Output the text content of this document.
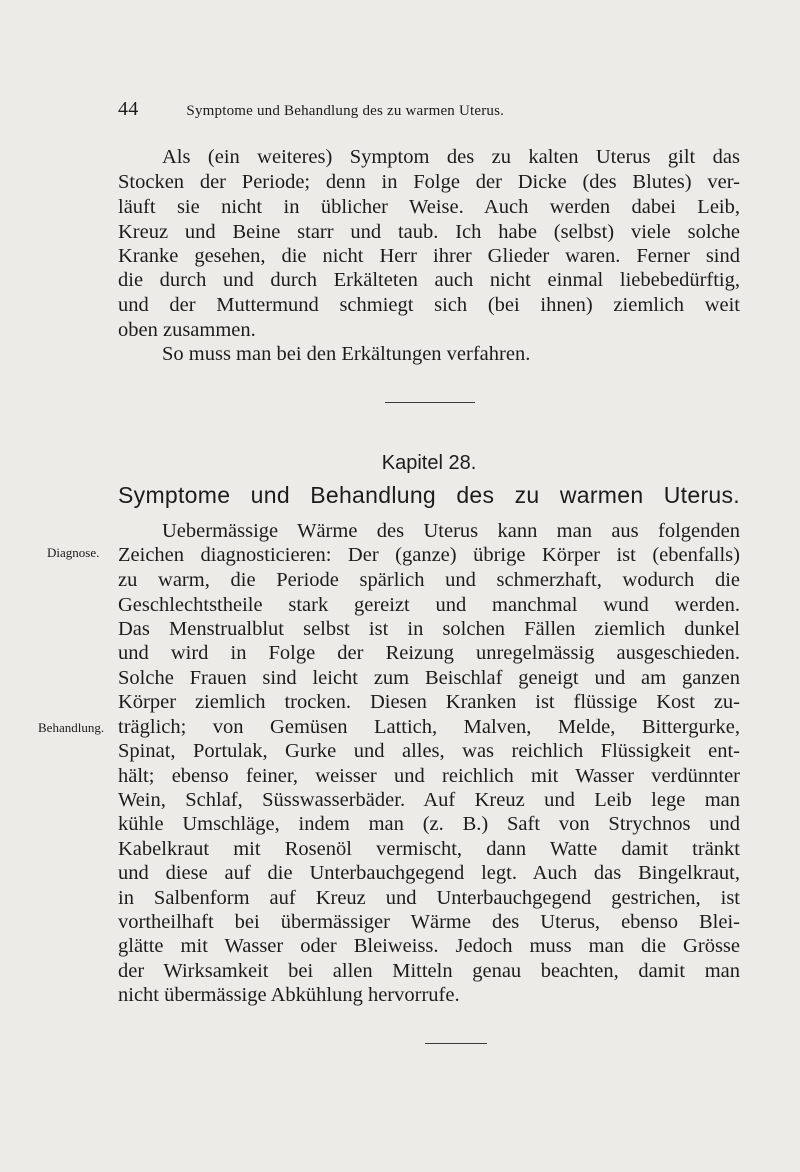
44	Symptome und Behandlung des zu warmen Uterus.
Als (ein weiteres) Symptom des zu kalten Uterus gilt das
Stocken der Periode; denn in Folge der Dicke (des Blutes) ver-
läuft sie nicht in üblicher Weise. Auch werden dabei Leib,
Kreuz und Beine starr und taub. Ich habe (selbst) viele solche
Kranke gesehen, die nicht Herr ihrer Glieder waren. Ferner sind
die durch und durch Erkälteten auch nicht einmal liebebedürftig,
und der Muttermund schmiegt sich (bei ihnen) ziemlich weit
oben zusammen.
So muss man bei den Erkältungen verfahren.
Kapitel 28.
Symptome und Behandlung des zu warmen Uterus.
Diagnose.
Behandlung.
Uebermässige Wärme des Uterus kann man aus folgenden
Zeichen diagnosticieren: Der (ganze) übrige Körper ist (ebenfalls)
zu warm, die Periode spärlich und schmerzhaft, wodurch die
Geschlechtstheile stark gereizt und manchmal wund werden.
Das Menstrualblut selbst ist in solchen Fällen ziemlich dunkel
und wird in Folge der Reizung unregelmässig ausgeschieden.
Solche Frauen sind leicht zum Beischlaf geneigt und am ganzen
Körper ziemlich trocken. Diesen Kranken ist flüssige Kost zu-
träglich; von Gemüsen Lattich, Malven, Melde, Bittergurke,
Spinat, Portulak, Gurke und alles, was reichlich Flüssigkeit ent-
hält; ebenso feiner, weisser und reichlich mit Wasser verdünnter
Wein, Schlaf, Süsswasserbäder. Auf Kreuz und Leib lege man
kühle Umschläge, indem man (z. B.) Saft von Strychnos und
Kabelkraut mit Rosenöl vermischt, dann Watte damit tränkt
und diese auf die Unterbauchgegend legt. Auch das Bingelkraut,
in Salbenform auf Kreuz und Unterbauchgegend gestrichen, ist
vortheilhaft bei übermässiger Wärme des Uterus, ebenso Blei-
glätte mit Wasser oder Bleiweiss. Jedoch muss man die Grösse
der Wirksamkeit bei allen Mitteln genau beachten, damit man
nicht übermässige Abkühlung hervorrufe.
